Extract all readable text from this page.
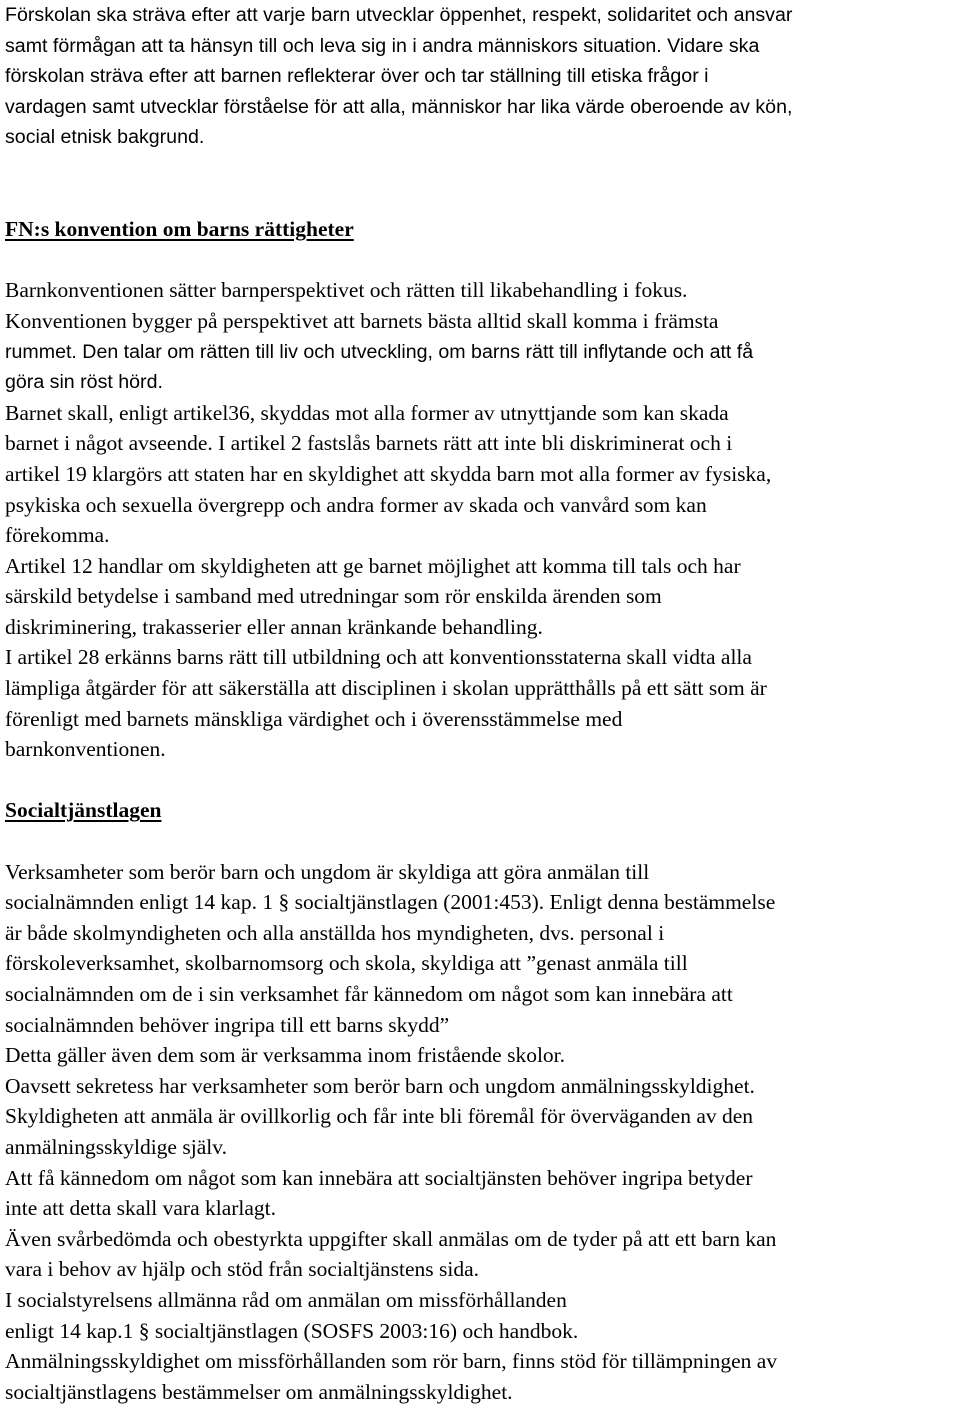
Förskolan ska sträva efter att varje barn utvecklar öppenhet, respekt, solidaritet och ansvar
samt förmågan att ta hänsyn till och leva sig in i andra människors situation. Vidare ska
förskolan sträva efter att barnen reflekterar över och tar ställning till etiska frågor i
vardagen samt utvecklar förståelse för att alla, människor har lika värde oberoende av kön,
social etnisk bakgrund.
FN:s konvention om barns rättigheter
Barnkonventionen sätter barnperspektivet och rätten till likabehandling i fokus.
Konventionen bygger på perspektivet att barnets bästa alltid skall komma i främsta
rummet. Den talar om rätten till liv och utveckling, om barns rätt till inflytande och att få
göra sin röst hörd.
Barnet skall, enligt artikel36, skyddas mot alla former av utnyttjande som kan skada
barnet i något avseende. I artikel 2 fastslås barnets rätt att inte bli diskriminerat och i
artikel 19 klargörs att staten har en skyldighet att skydda barn mot alla former av fysiska,
psykiska och sexuella övergrepp och andra former av skada och vanvård som kan
förekomma.
Artikel 12 handlar om skyldigheten att ge barnet möjlighet att komma till tals och har
särskild betydelse i samband med utredningar som rör enskilda ärenden som
diskriminering, trakasserier eller annan kränkande behandling.
I artikel 28 erkänns barns rätt till utbildning och att konventionsstaterna skall vidta alla
lämpliga åtgärder för att säkerställa att disciplinen i skolan upprätthålls på ett sätt som är
förenligt med barnets mänskliga värdighet och i överensstämmelse med
barnkonventionen.
Socialtjänstlagen
Verksamheter som berör barn och ungdom är skyldiga att göra anmälan till
socialnämnden enligt 14 kap. 1 § socialtjänstlagen (2001:453). Enligt denna bestämmelse
är både skolmyndigheten och alla anställda hos myndigheten, dvs. personal i
förskoleverksamhet, skolbarnomsorg och skola, skyldiga att ”genast anmäla till
socialnämnden om de i sin verksamhet får kännedom om något som kan innebära att
socialnämnden behöver ingripa till ett barns skydd”
Detta gäller även dem som är verksamma inom fristående skolor.
Oavsett sekretess har verksamheter som berör barn och ungdom anmälningsskyldighet.
Skyldigheten att anmäla är ovillkorlig och får inte bli föremål för överväganden av den
anmälningsskyldige själv.
Att få kännedom om något som kan innebära att socialtjänsten behöver ingripa betyder
inte att detta skall vara klarlagt.
Även svårbedömda och obestyrkta uppgifter skall anmälas om de tyder på att ett barn kan
vara i behov av hjälp och stöd från socialtjänstens sida.
I socialstyrelsens allmänna råd om anmälan om missförhållanden
enligt 14 kap.1 § socialtjänstlagen (SOSFS 2003:16) och handbok.
Anmälningsskyldighet om missförhållanden som rör barn, finns stöd för tillämpningen av
socialtjänstlagens bestämmelser om anmälningsskyldighet.
